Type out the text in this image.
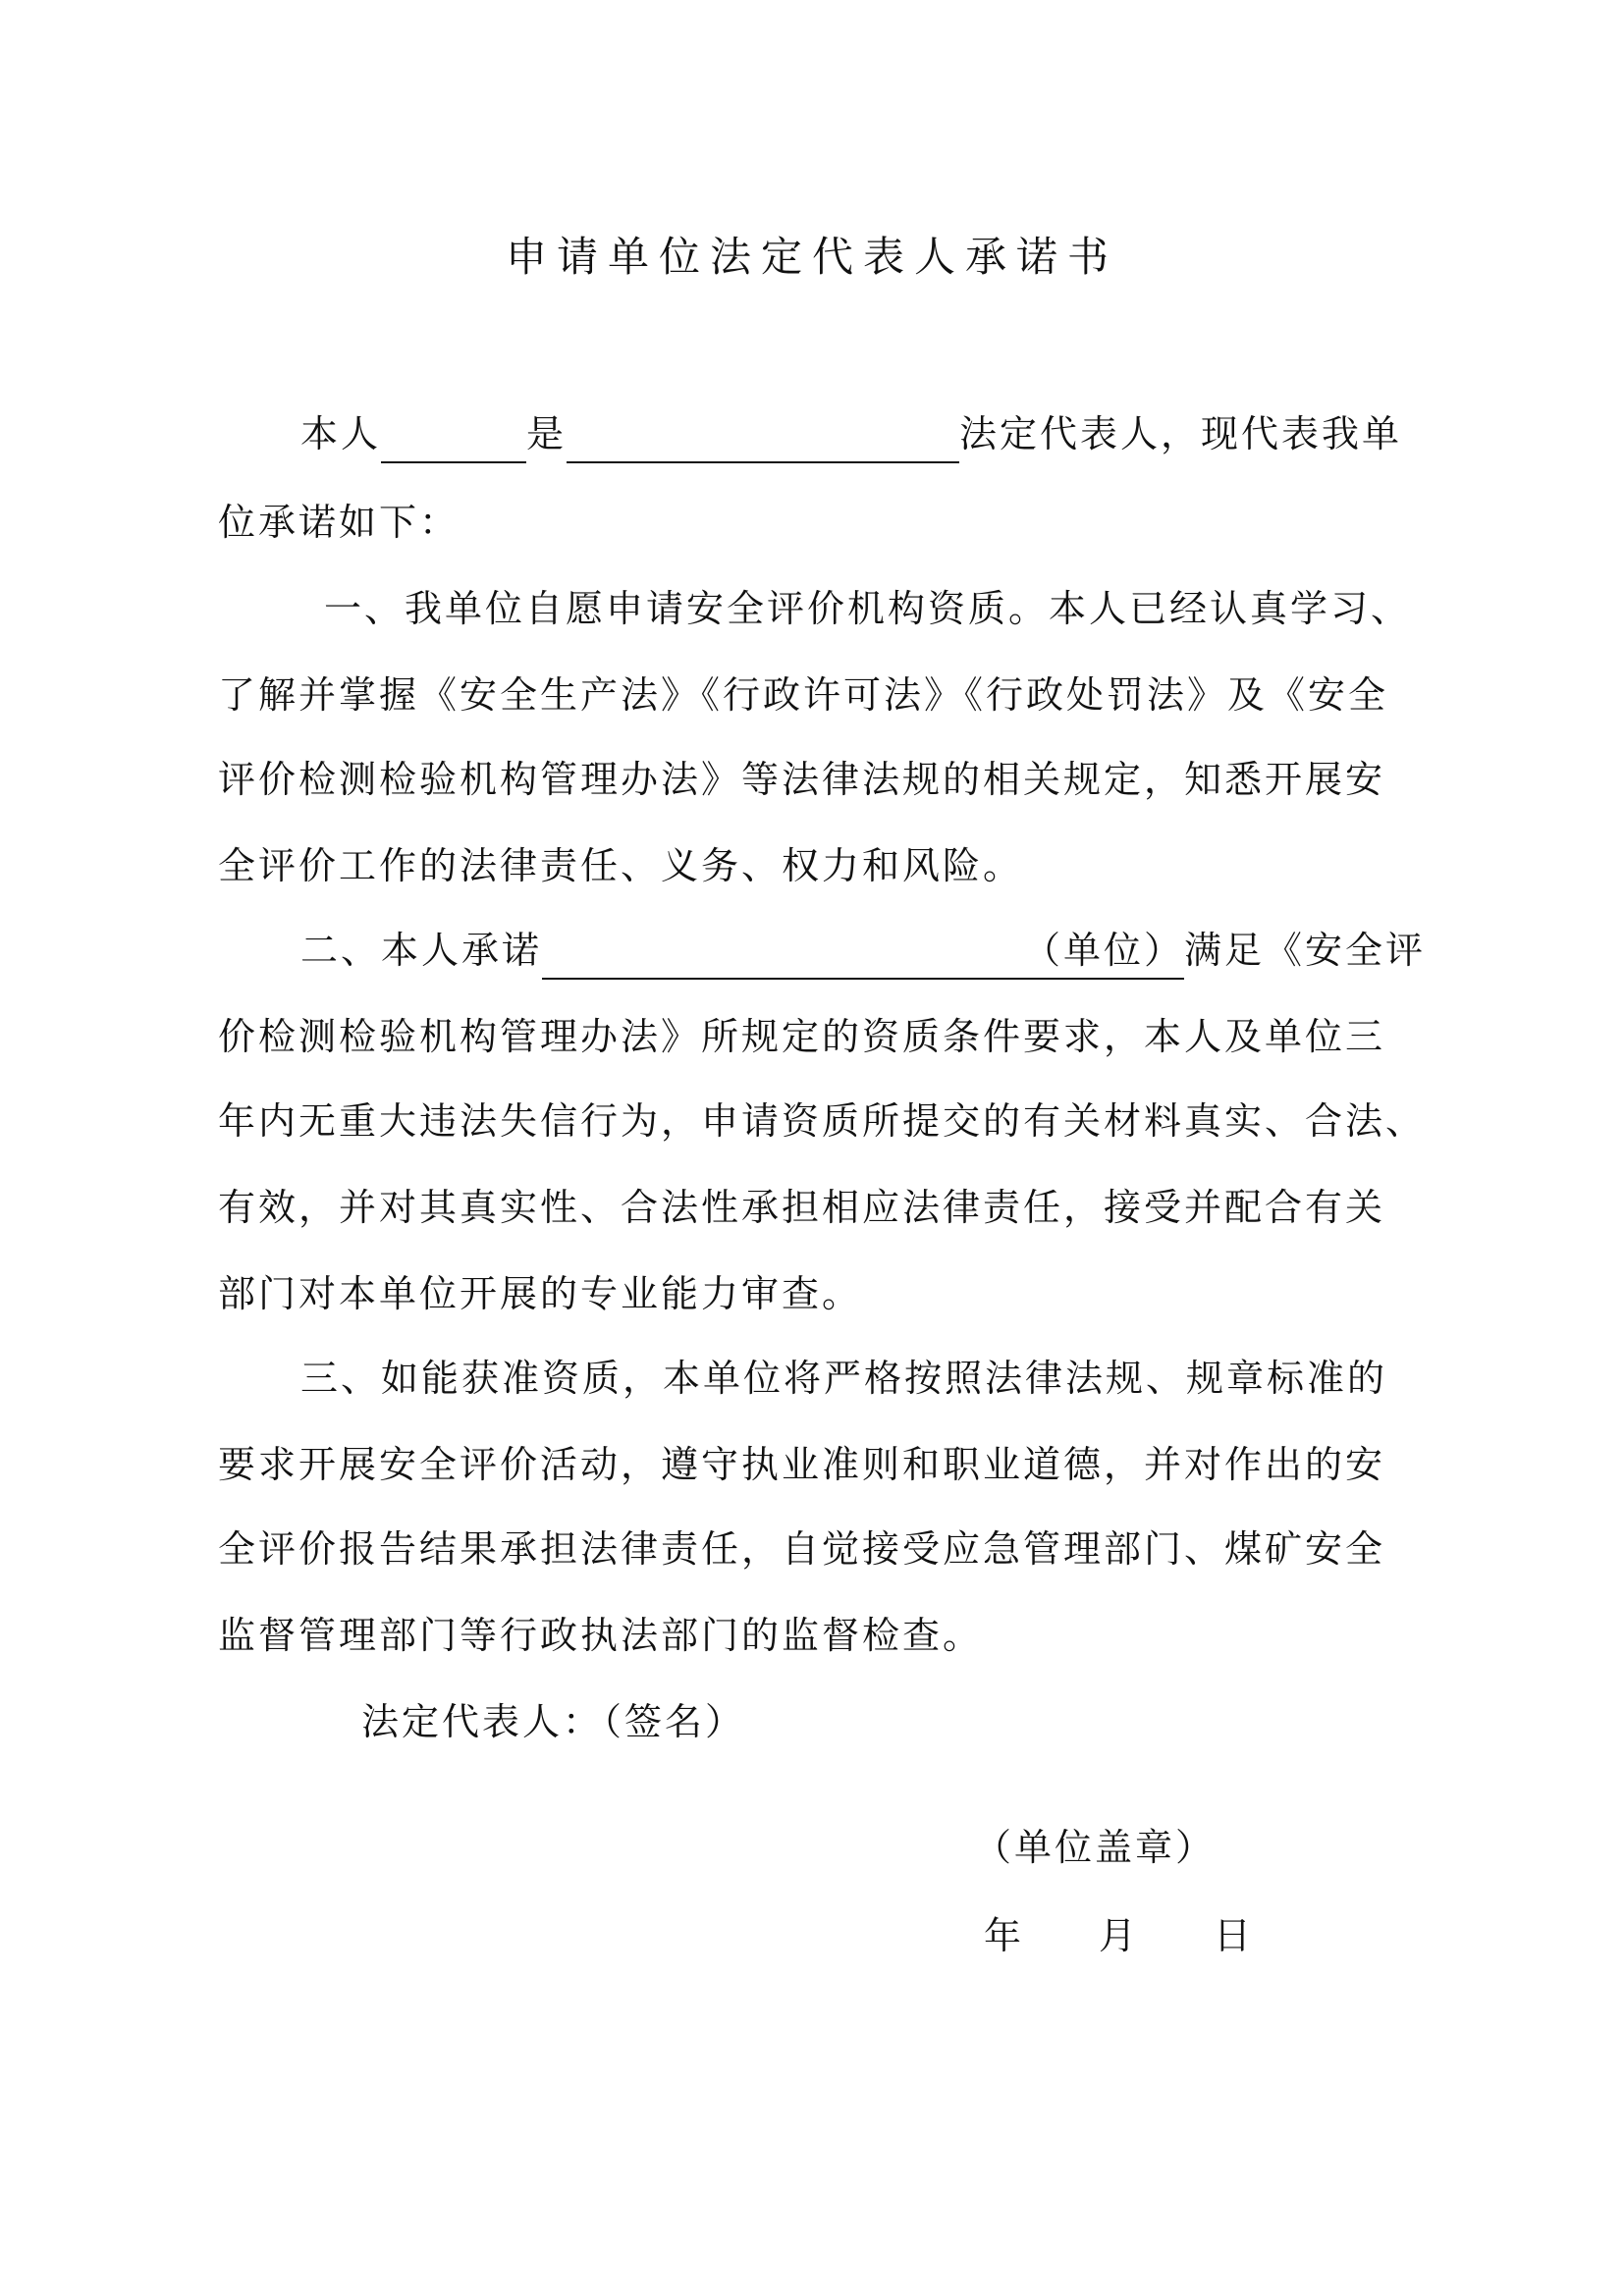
申请单位法定代表人承诺书
本人	是	法定代表人，现代表我单
位承诺如下：
一、我单位自愿申请安全评价机构资质。本人已经认真学习、
了解并掌握《安全生产法》《行政许可法》《行政处罚法》及《安全
评价检测检验机构管理办法》等法律法规的相关规定，知悉开展安
全评价工作的法律责任、义务、权力和风险。
二、本人承诺	（单位）满足《安全评
价检测检验机构管理办法》所规定的资质条件要求，本人及单位三
年内无重大违法失信行为，申请资质所提交的有关材料真实、合法、
有效，并对其真实性、合法性承担相应法律责任，接受并配合有关
部门对本单位开展的专业能力审查。
三、如能获准资质，本单位将严格按照法律法规、规章标准的
要求开展安全评价活动，遵守执业准则和职业道德，并对作出的安
全评价报告结果承担法律责任，自觉接受应急管理部门、煤矿安全
监督管理部门等行政执法部门的监督检查。
法定代表人：（签名）
（单位盖章）
年 月 日
